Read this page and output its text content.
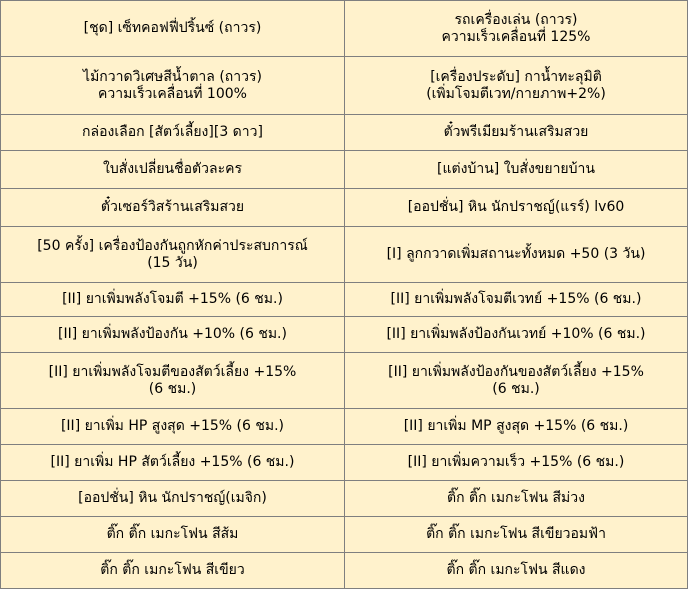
[ชุด] เซ็ทคอฟฟี่ปริ้นซ์ (ถาวร)	รถเครื่องเล่น (ถาวร)
ความเร็วเคลื่อนที่ 125%

ไม้กวาดวิเศษสีน้ำตาล (ถาวร)
ความเร็วเคลื่อนที่ 100%	[เครื่องประดับ] กาน้ำทะลุมิติ
(เพิ่มโจมตีเวท/กายภาพ+2%)

กล่องเลือก [สัตว์เลี้ยง][3 ดาว]	ตั๋วพรีเมียมร้านเสริมสวย

ใบสั่งเปลี่ยนชื่อตัวละคร	[แต่งบ้าน] ใบสั่งขยายบ้าน

ตั๋วเซอร์วิสร้านเสริมสวย	[ออปชั่น] หิน นักปราชญ์(แรร์) lv60

[50 ครั้ง] เครื่องป้องกันถูกหักค่าประสบการณ์
(15 วัน)	[I] ลูกกวาดเพิ่มสถานะทั้งหมด +50 (3 วัน)

[II] ยาเพิ่มพลังโจมตี +15% (6 ชม.)	[II] ยาเพิ่มพลังโจมตีเวทย์ +15% (6 ชม.)

[II] ยาเพิ่มพลังป้องกัน +10% (6 ชม.)	[II] ยาเพิ่มพลังป้องกันเวทย์ +10% (6 ชม.)

[II] ยาเพิ่มพลังโจมตีของสัตว์เลี้ยง +15%
(6 ชม.)	[II] ยาเพิ่มพลังป้องกันของสัตว์เลี้ยง +15%
(6 ชม.)

[II] ยาเพิ่ม HP สูงสุด +15% (6 ชม.)	[II] ยาเพิ่ม MP สูงสุด +15% (6 ชม.)

[II] ยาเพิ่ม HP สัตว์เลี้ยง +15% (6 ชม.)	[II] ยาเพิ่มความเร็ว +15% (6 ชม.)

[ออปชั่น] หิน นักปราชญ์(เมจิก)	ติ๊ก ติ๊ก เมกะโฟน สีม่วง

ติ๊ก ติ๊ก เมกะโฟน สีส้ม	ติ๊ก ติ๊ก เมกะโฟน สีเขียวอมฟ้า

ติ๊ก ติ๊ก เมกะโฟน สีเขียว	ติ๊ก ติ๊ก เมกะโฟน สีแดง
